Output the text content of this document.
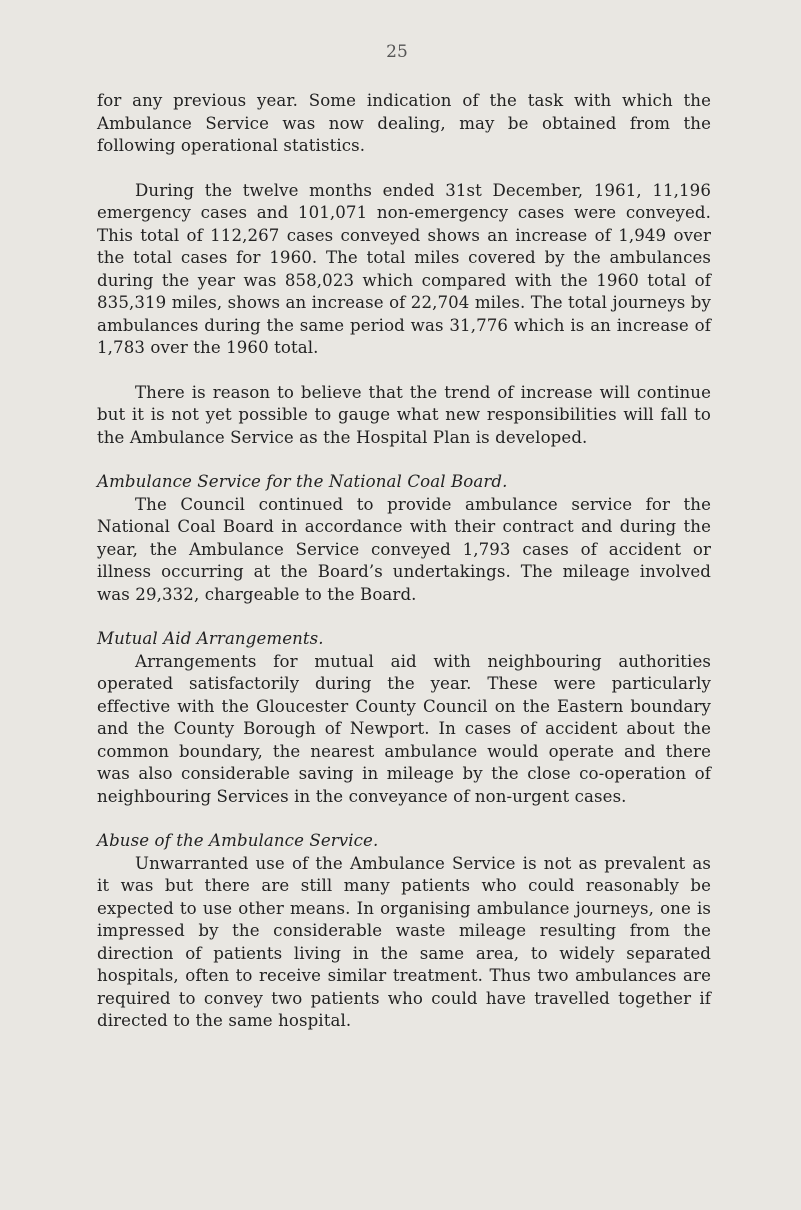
25

for any previous year. Some indication of the task with which the Ambulance Service was now dealing, may be obtained from the following operational statistics.

During the twelve months ended 31st December, 1961, 11,196 emergency cases and 101,071 non-emergency cases were conveyed. This total of 112,267 cases conveyed shows an increase of 1,949 over the total cases for 1960. The total miles covered by the ambulances during the year was 858,023 which compared with the 1960 total of 835,319 miles, shows an increase of 22,704 miles. The total journeys by ambulances during the same period was 31,776 which is an increase of 1,783 over the 1960 total.

There is reason to believe that the trend of increase will continue but it is not yet possible to gauge what new responsibilities will fall to the Ambulance Service as the Hospital Plan is developed.

Ambulance Service for the National Coal Board.

The Council continued to provide ambulance service for the National Coal Board in accordance with their contract and during the year, the Ambulance Service conveyed 1,793 cases of accident or illness occurring at the Board’s undertakings. The mileage involved was 29,332, chargeable to the Board.

Mutual Aid Arrangements.

Arrangements for mutual aid with neighbouring authorities operated satisfactorily during the year. These were particularly effective with the Gloucester County Council on the Eastern boundary and the County Borough of Newport. In cases of accident about the common boundary, the nearest ambulance would operate and there was also considerable saving in mileage by the close co-operation of neighbouring Services in the conveyance of non-urgent cases.

Abuse of the Ambulance Service.

Unwarranted use of the Ambulance Service is not as prevalent as it was but there are still many patients who could reasonably be expected to use other means. In organising ambulance journeys, one is impressed by the considerable waste mileage resulting from the direction of patients living in the same area, to widely separated hospitals, often to receive similar treatment. Thus two ambulances are required to convey two patients who could have travelled together if directed to the same hospital.
